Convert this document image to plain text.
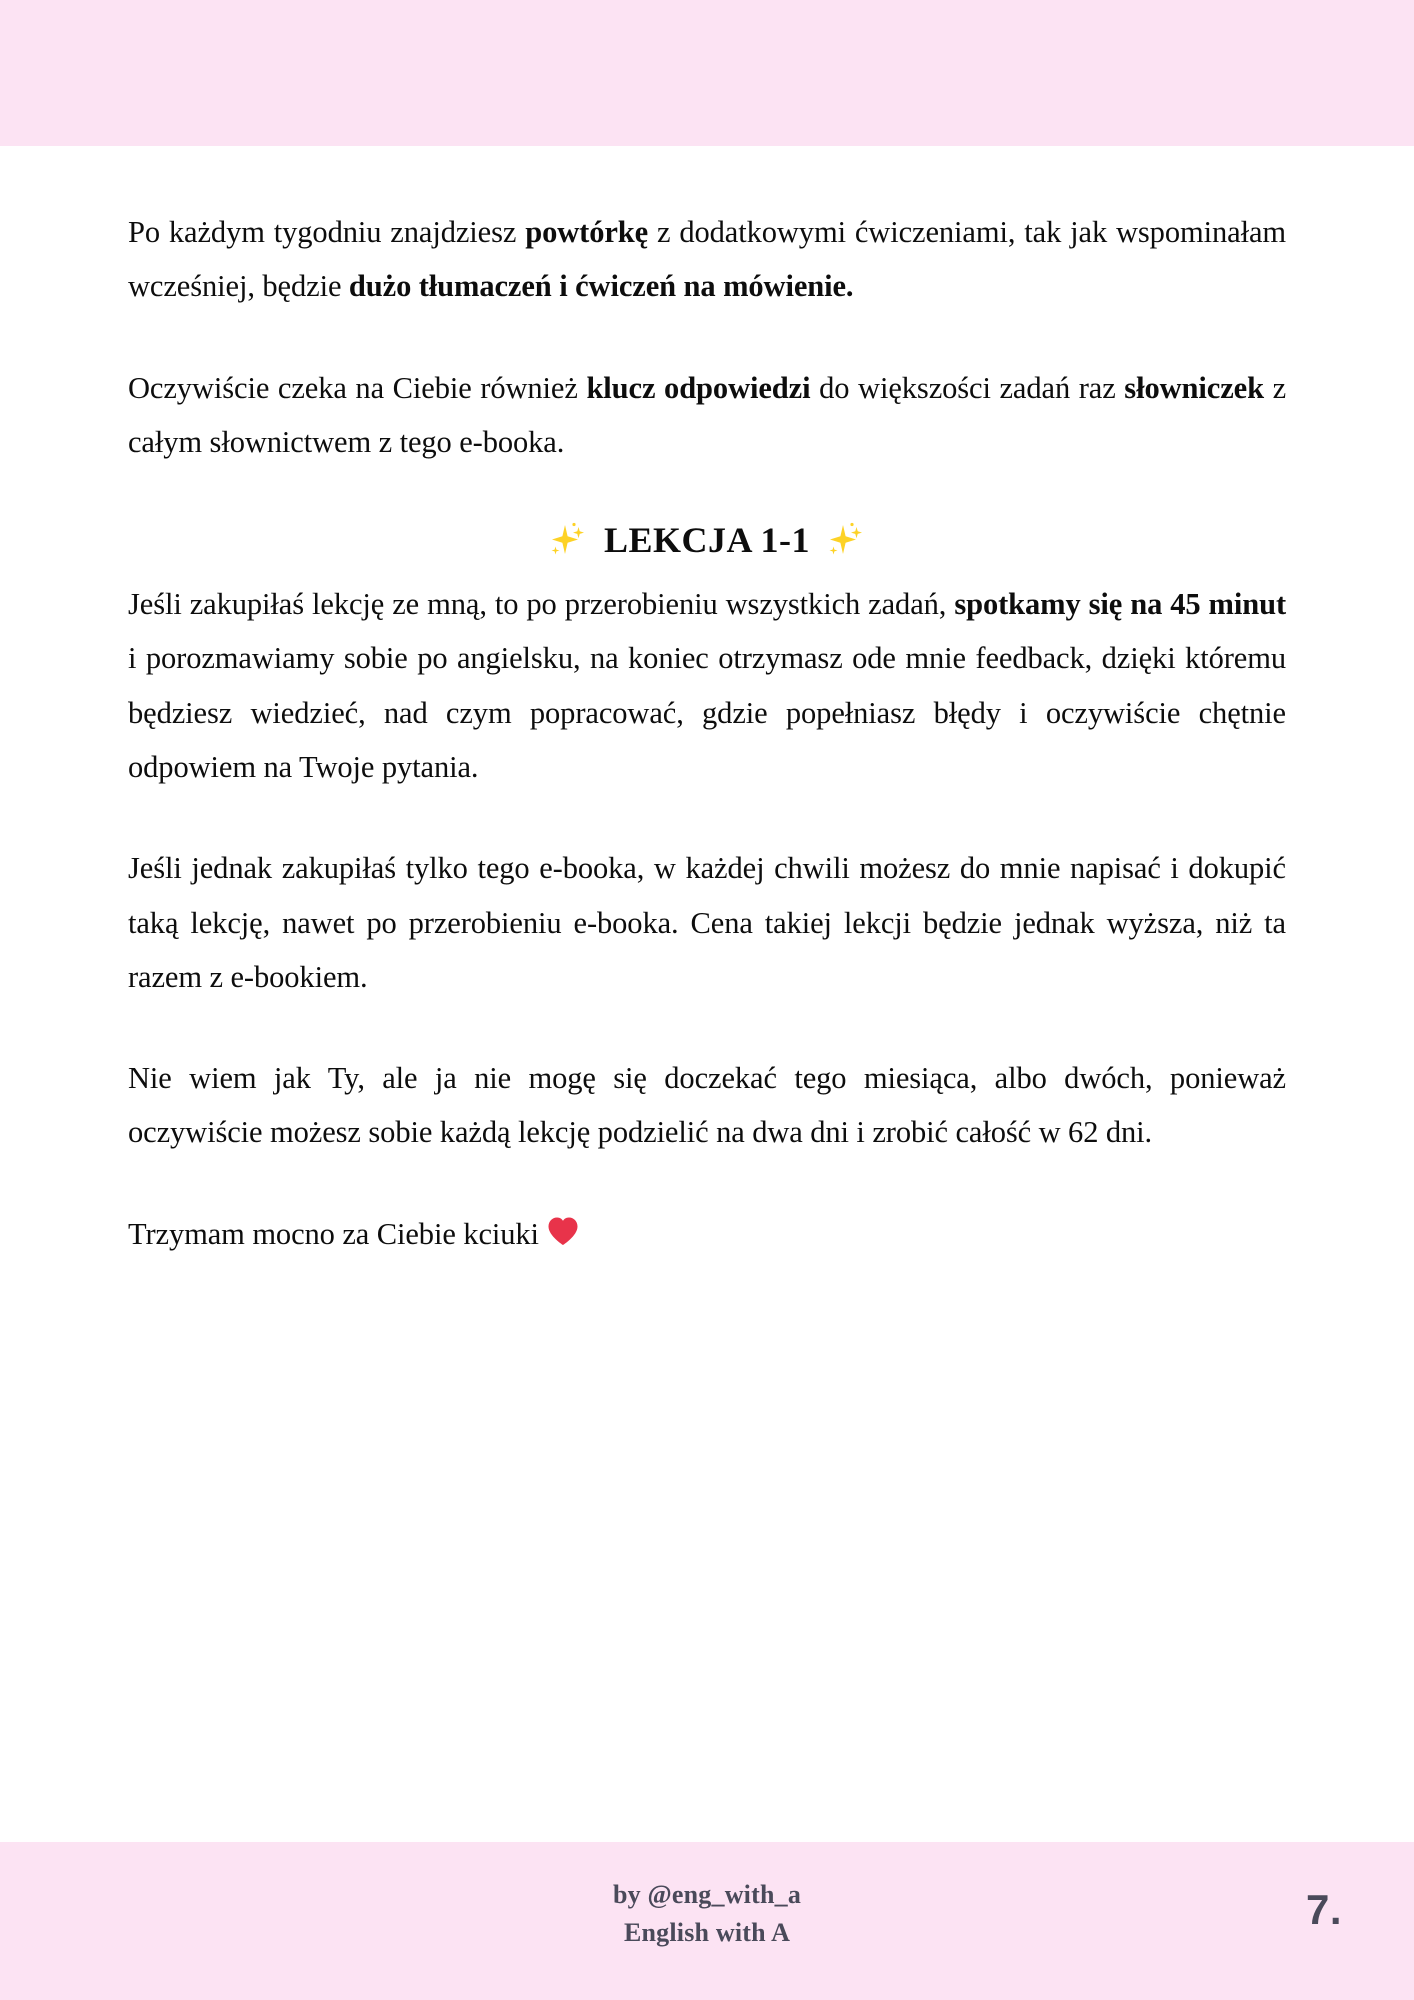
Po każdym tygodniu znajdziesz powtórkę z dodatkowymi ćwiczeniami, tak jak wspominałam wcześniej, będzie dużo tłumaczeń i ćwiczeń na mówienie.

Oczywiście czeka na Ciebie również klucz odpowiedzi do większości zadań raz słowniczek z całym słownictwem z tego e-booka.

LEKCJA 1-1

Jeśli zakupiłaś lekcję ze mną, to po przerobieniu wszystkich zadań, spotkamy się na 45 minut i porozmawiamy sobie po angielsku, na koniec otrzymasz ode mnie feedback, dzięki któremu będziesz wiedzieć, nad czym popracować, gdzie popełniasz błędy i oczywiście chętnie odpowiem na Twoje pytania.

Jeśli jednak zakupiłaś tylko tego e-booka, w każdej chwili możesz do mnie napisać i dokupić taką lekcję, nawet po przerobieniu e-booka. Cena takiej lekcji będzie jednak wyższa, niż ta razem z e-bookiem.

Nie wiem jak Ty, ale ja nie mogę się doczekać tego miesiąca, albo dwóch, ponieważ oczywiście możesz sobie każdą lekcję podzielić na dwa dni i zrobić całość w 62 dni.

Trzymam mocno za Ciebie kciuki

by @eng_with_a
English with A	7.
